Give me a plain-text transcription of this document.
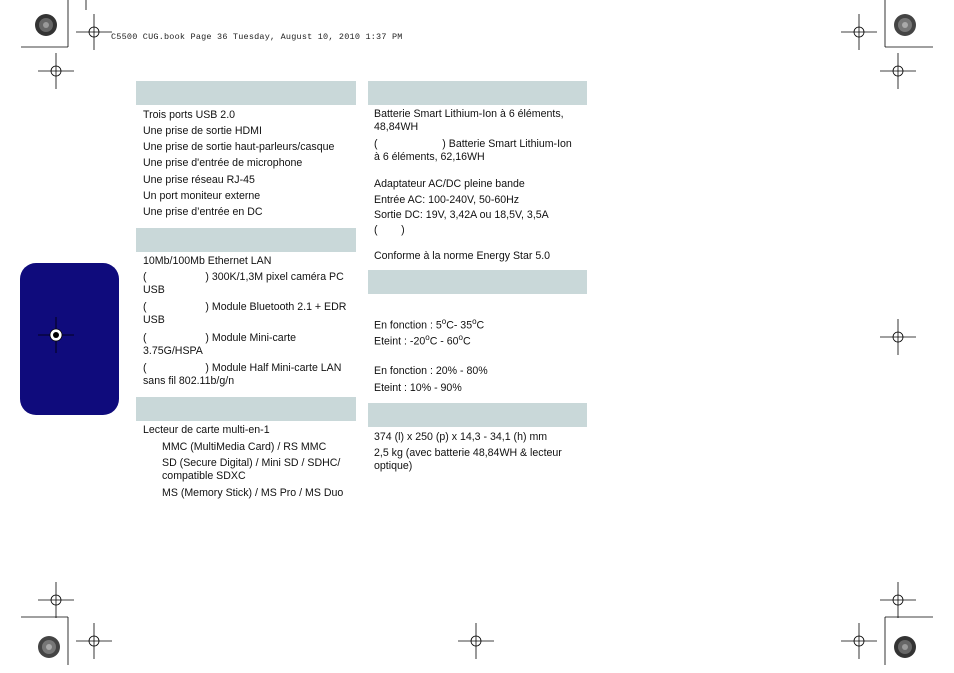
C5500 CUG.book Page 36 Tuesday, August 10, 2010 1:37 PM
Trois ports USB 2.0
Une prise de sortie HDMI
Une prise de sortie haut-parleurs/casque
Une prise d'entrée de microphone
Une prise réseau RJ-45
Un port moniteur externe
Une prise d’entrée en DC
10Mb/100Mb Ethernet LAN
(                    ) 300K/1,3M pixel caméra PC USB
(                    ) Module Bluetooth 2.1 + EDR USB
(                    ) Module Mini-carte 3.75G/HSPA
(                    ) Module Half Mini-carte LAN sans fil 802.11b/g/n
Lecteur de carte multi-en-1
MMC (MultiMedia Card) / RS MMC
SD (Secure Digital) / Mini SD / SDHC/ compatible SDXC
MS (Memory Stick) / MS Pro / MS Duo
Batterie Smart Lithium-Ion à 6 éléments, 48,84WH
(                      ) Batterie Smart Lithium-Ion à 6 éléments, 62,16WH
Adaptateur AC/DC pleine bande
Entrée AC: 100-240V, 50-60Hz
Sortie DC: 19V, 3,42A ou 18,5V, 3,5A
(        )
Conforme à la norme Energy Star 5.0
En fonction : 5$^o$C- 35$^o$C
Eteint : -20$^o$C - 60$^o$C
En fonction : 20% - 80%
Eteint : 10% - 90%
374 (l) x 250 (p) x 14,3 - 34,1 (h) mm
2,5 kg (avec batterie 48,84WH & lecteur optique)
